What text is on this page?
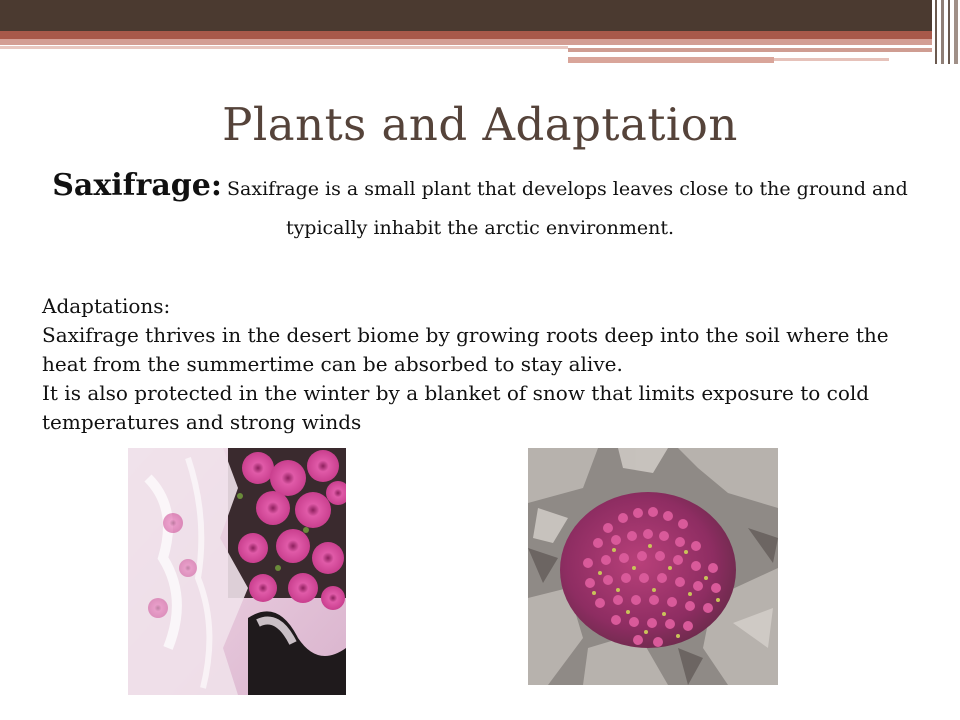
Plants and Adaptation
Saxifrage: Saxifrage is a small plant that develops leaves close to the ground and typically inhabit the arctic environment.
Adaptations:
Saxifrage thrives in the desert biome by growing roots deep into the soil where the heat from the summertime can be absorbed to stay alive.
It is also protected in the winter by a blanket of snow that limits exposure to cold temperatures and strong winds
